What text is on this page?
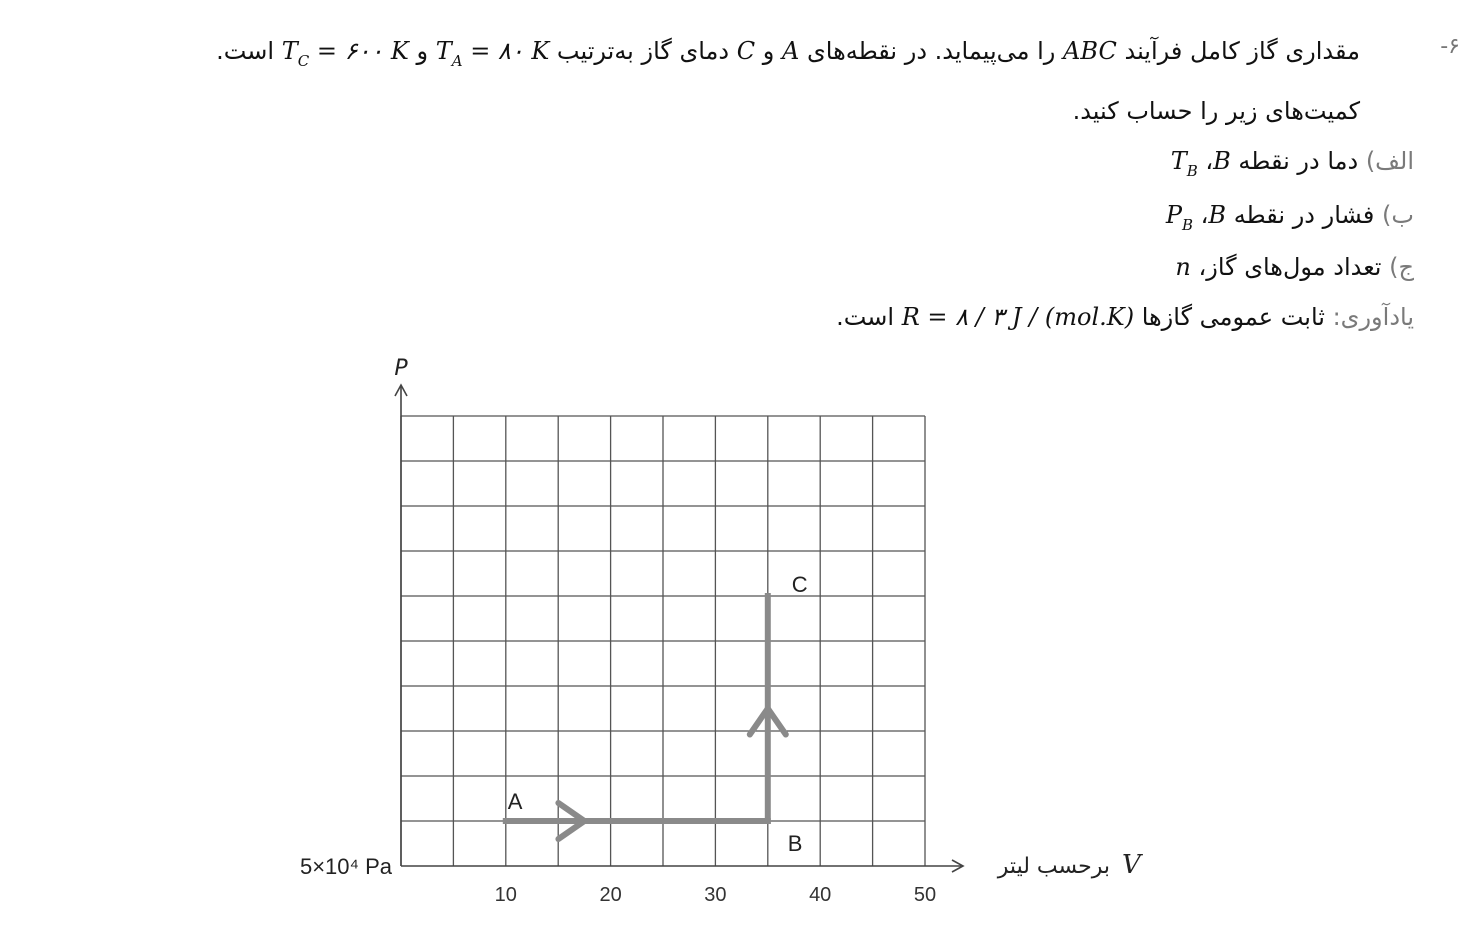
۶-
مقداری گاز کامل فرآیند ABC را می‌پیماید. در نقطه‌های A و C دمای گاز به‌ترتیب $T_A$ = ۸۰ K و $T_C$ = ۶۰۰ K است.
کمیت‌های زیر را حساب کنید.
الف) دما در نقطه B، $T_B$
ب) فشار در نقطه B، $P_B$
ج) تعداد مول‌های گاز، n
یادآوری: ثابت عمومی گازها R = ۸ / ۳ J / (mol.K) است.
P
5×10⁴ Pa	برحسب لیتر V
10	20	30	40	50
A
B
C
